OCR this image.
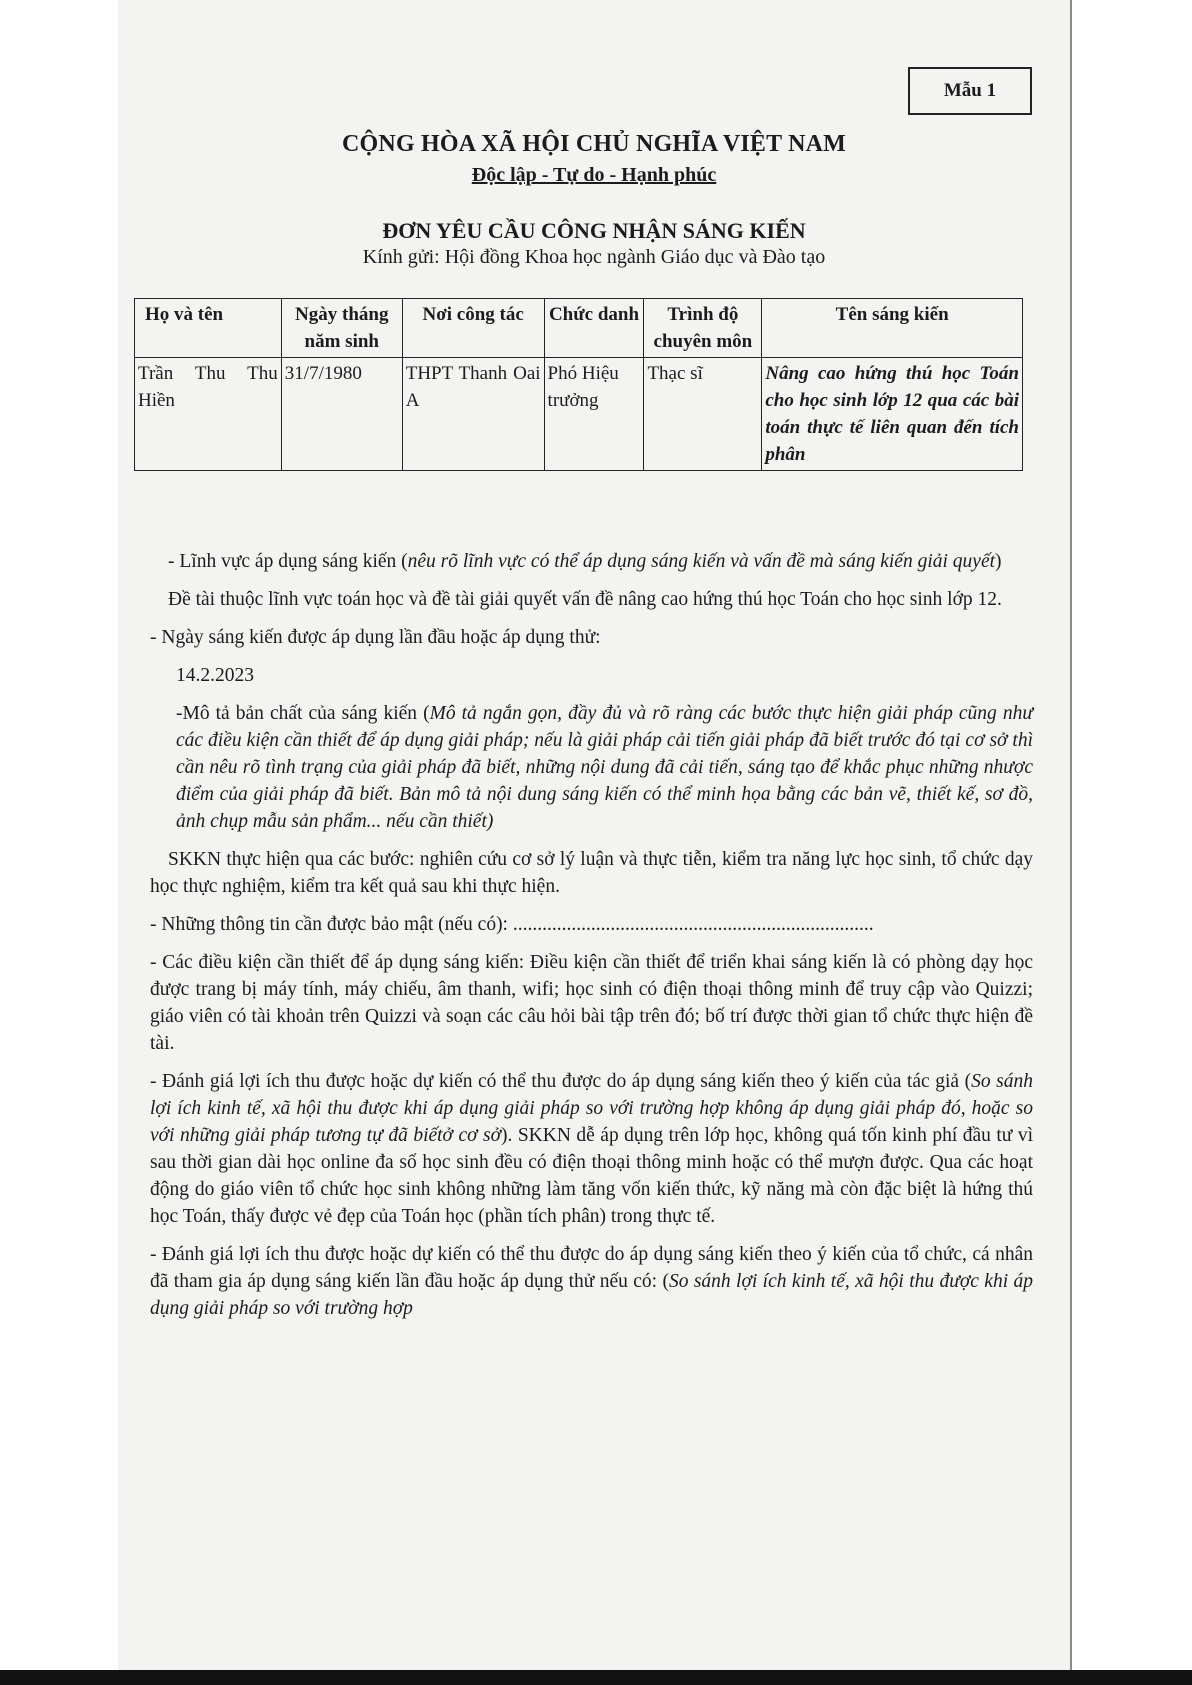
Mẫu 1
CỘNG HÒA XÃ HỘI CHỦ NGHĨA VIỆT NAM
Độc lập - Tự do - Hạnh phúc
ĐƠN YÊU CẦU CÔNG NHẬN SÁNG KIẾN
Kính gửi: Hội đồng Khoa học ngành Giáo dục và Đào tạo
Họ và tên	Ngày tháng năm sinh	Nơi công tác	Chức danh	Trình độ chuyên môn	Tên sáng kiến
Trần Thu Thu Hiền	31/7/1980	THPT Thanh Oai A	Phó Hiệu trưởng	Thạc sĩ	Nâng cao hứng thú học Toán cho học sinh lớp 12 qua các bài toán thực tế liên quan đến tích phân

- Lĩnh vực áp dụng sáng kiến (nêu rõ lĩnh vực có thể áp dụng sáng kiến và vấn đề mà sáng kiến giải quyết)

Đề tài thuộc lĩnh vực toán học và đề tài giải quyết vấn đề nâng cao hứng thú học Toán cho học sinh lớp 12.

- Ngày sáng kiến được áp dụng lần đầu hoặc áp dụng thử:

14.2.2023

-Mô tả bản chất của sáng kiến (Mô tả ngắn gọn, đầy đủ và rõ ràng các bước thực hiện giải pháp cũng như các điều kiện cần thiết để áp dụng giải pháp; nếu là giải pháp cải tiến giải pháp đã biết trước đó tại cơ sở thì cần nêu rõ tình trạng của giải pháp đã biết, những nội dung đã cải tiến, sáng tạo để khắc phục những nhược điểm của giải pháp đã biết. Bản mô tả nội dung sáng kiến có thể minh họa bằng các bản vẽ, thiết kế, sơ đồ, ảnh chụp mẫu sản phẩm... nếu cần thiết)

SKKN thực hiện qua các bước: nghiên cứu cơ sở lý luận và thực tiễn, kiểm tra năng lực học sinh, tổ chức dạy học thực nghiệm, kiểm tra kết quả sau khi thực hiện.

- Những thông tin cần được bảo mật (nếu có): ..........................................................................

- Các điều kiện cần thiết để áp dụng sáng kiến: Điều kiện cần thiết để triển khai sáng kiến là có phòng dạy học được trang bị máy tính, máy chiếu, âm thanh, wifi; học sinh có điện thoại thông minh để truy cập vào Quizzi; giáo viên có tài khoản trên Quizzi và soạn các câu hỏi bài tập trên đó; bố trí được thời gian tổ chức thực hiện đề tài.

- Đánh giá lợi ích thu được hoặc dự kiến có thể thu được do áp dụng sáng kiến theo ý kiến của tác giả (So sánh lợi ích kinh tế, xã hội thu được khi áp dụng giải pháp so với trường hợp không áp dụng giải pháp đó, hoặc so với những giải pháp tương tự đã biếtở cơ sở). SKKN dễ áp dụng trên lớp học, không quá tốn kinh phí đầu tư vì sau thời gian dài học online đa số học sinh đều có điện thoại thông minh hoặc có thể mượn được. Qua các hoạt động do giáo viên tổ chức học sinh không những làm tăng vốn kiến thức, kỹ năng mà còn đặc biệt là hứng thú học Toán, thấy được vẻ đẹp của Toán học (phần tích phân) trong thực tế.

- Đánh giá lợi ích thu được hoặc dự kiến có thể thu được do áp dụng sáng kiến theo ý kiến của tổ chức, cá nhân đã tham gia áp dụng sáng kiến lần đầu hoặc áp dụng thử nếu có: (So sánh lợi ích kinh tế, xã hội thu được khi áp dụng giải pháp so với trường hợp
